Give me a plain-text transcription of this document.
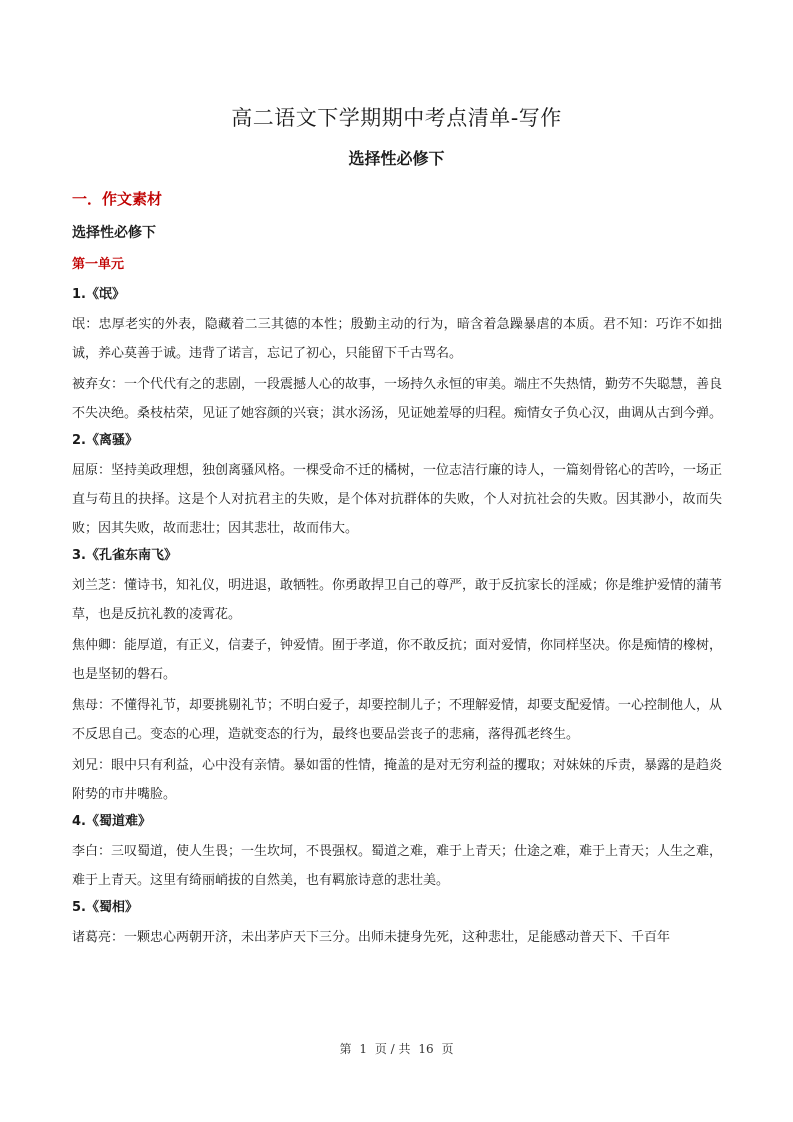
高二语文下学期期中考点清单-写作
选择性必修下
一．作文素材
选择性必修下
第一单元
1.《氓》

氓：忠厚老实的外表，隐藏着二三其德的本性；殷勤主动的行为，暗含着急躁暴虐的本质。君不知：巧诈不如拙诚，养心莫善于诚。违背了诺言，忘记了初心，只能留下千古骂名。

被弃女：一个代代有之的悲剧，一段震撼人心的故事，一场持久永恒的审美。端庄不失热情，勤劳不失聪慧，善良不失决绝。桑枝枯荣，见证了她容颜的兴衰；淇水汤汤，见证她羞辱的归程。痴情女子负心汉，曲调从古到今弹。

2.《离骚》

屈原：坚持美政理想，独创离骚风格。一棵受命不迁的橘树，一位志洁行廉的诗人，一篇刻骨铭心的苦吟，一场正直与苟且的抉择。这是个人对抗君主的失败，是个体对抗群体的失败，个人对抗社会的失败。因其渺小，故而失败；因其失败，故而悲壮；因其悲壮，故而伟大。

3.《孔雀东南飞》

刘兰芝：懂诗书，知礼仪，明进退，敢牺牲。你勇敢捍卫自己的尊严，敢于反抗家长的淫威；你是维护爱情的蒲苇草，也是反抗礼教的凌霄花。

焦仲卿：能厚道，有正义，信妻子，钟爱情。囿于孝道，你不敢反抗；面对爱情，你同样坚决。你是痴情的橡树，也是坚韧的磐石。

焦母：不懂得礼节，却要挑剔礼节；不明白爱子，却要控制儿子；不理解爱情，却要支配爱情。一心控制他人，从不反思自己。变态的心理，造就变态的行为，最终也要品尝丧子的悲痛，落得孤老终生。

刘兄：眼中只有利益，心中没有亲情。暴如雷的性情，掩盖的是对无穷利益的攫取；对妹妹的斥责，暴露的是趋炎附势的市井嘴脸。

4.《蜀道难》

李白：三叹蜀道，使人生畏；一生坎坷，不畏强权。蜀道之难，难于上青天；仕途之难，难于上青天；人生之难，难于上青天。这里有绮丽峭拔的自然美，也有羁旅诗意的悲壮美。

5.《蜀相》

诸葛亮：一颗忠心两朝开济，未出茅庐天下三分。出师未捷身先死，这种悲壮，足能感动普天下、千百年

第 1 页 / 共 16 页
